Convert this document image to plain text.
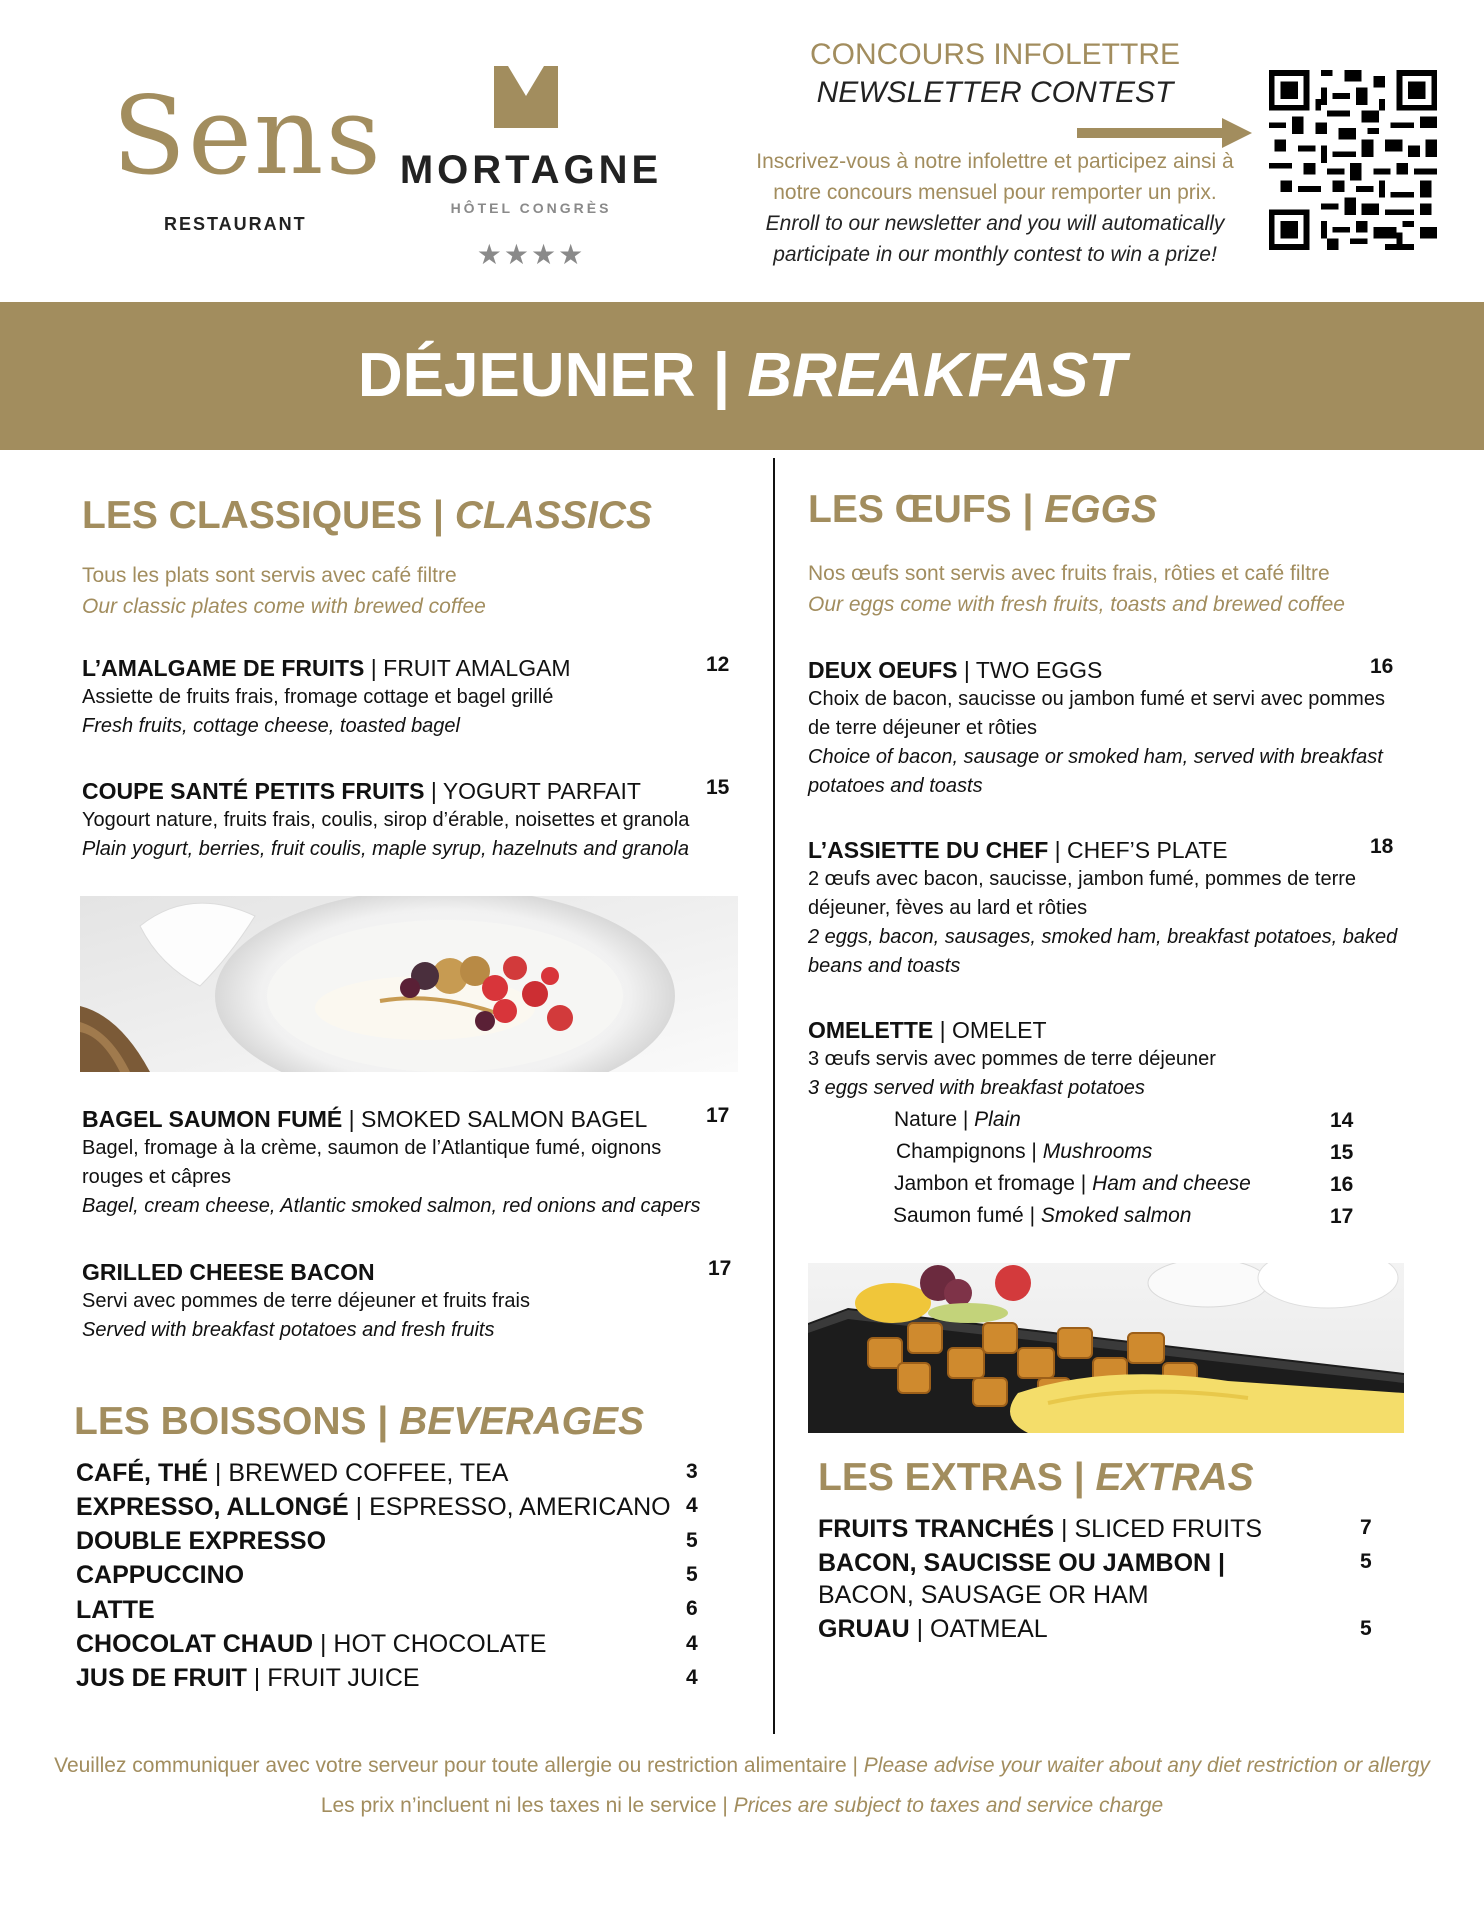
Sens
RESTAURANT
MORTAGNE
HÔTEL CONGRÈS
★★★★
CONCOURS INFOLETTRE
NEWSLETTER CONTEST
Inscrivez-vous à notre infolettre et participez ainsi à notre concours mensuel pour remporter un prix.
Enroll to our newsletter and you will automatically participate in our monthly contest to win a prize!
DÉJEUNER | BREAKFAST
LES CLASSIQUES | CLASSICS
Tous les plats sont servis avec café filtre
Our classic plates come with brewed coffee
L’AMALGAME DE FRUITS | FRUIT AMALGAM	12
Assiette de fruits frais, fromage cottage et bagel grillé
Fresh fruits, cottage cheese, toasted bagel
COUPE SANTÉ PETITS FRUITS | YOGURT PARFAIT	15
Yogourt nature, fruits frais, coulis, sirop d’érable, noisettes et granola
Plain yogurt, berries, fruit coulis, maple syrup, hazelnuts and granola
BAGEL SAUMON FUMÉ | SMOKED SALMON BAGEL	17
Bagel, fromage à la crème, saumon de l’Atlantique fumé, oignons rouges et câpres
Bagel, cream cheese, Atlantic smoked salmon, red onions and capers
GRILLED CHEESE BACON	17
Servi avec pommes de terre déjeuner et fruits frais
Served with breakfast potatoes and fresh fruits
LES BOISSONS | BEVERAGES
CAFÉ, THÉ | BREWED COFFEE, TEA	3
EXPRESSO, ALLONGÉ | ESPRESSO, AMERICANO 4
DOUBLE EXPRESSO	5
CAPPUCCINO	5
LATTE	6
CHOCOLAT CHAUD | HOT CHOCOLATE	4
JUS DE FRUIT | FRUIT JUICE	4
LES ŒUFS | EGGS
Nos œufs sont servis avec fruits frais, rôties et café filtre
Our eggs come with fresh fruits, toasts and brewed coffee
DEUX OEUFS | TWO EGGS	16
Choix de bacon, saucisse ou jambon fumé et servi avec pommes de terre déjeuner et rôties
Choice of bacon, sausage or smoked ham, served with breakfast potatoes and toasts
L’ASSIETTE DU CHEF | CHEF’S PLATE	18
2 œufs avec bacon, saucisse, jambon fumé, pommes de terre déjeuner, fèves au lard et rôties
2 eggs, bacon, sausages, smoked ham, breakfast potatoes, baked beans and toasts
OMELETTE | OMELET
3 œufs servis avec pommes de terre déjeuner
3 eggs served with breakfast potatoes
Nature | Plain	14
Champignons | Mushrooms	15
Jambon et fromage | Ham and cheese	16
Saumon fumé | Smoked salmon	17
LES EXTRAS | EXTRAS
FRUITS TRANCHÉS | SLICED FRUITS	7
BACON, SAUCISSE OU JAMBON |
BACON, SAUSAGE OR HAM
5
GRUAU | OATMEAL	5
Veuillez communiquer avec votre serveur pour toute allergie ou restriction alimentaire | Please advise your waiter about any diet restriction or allergy
Les prix n’incluent ni les taxes ni le service | Prices are subject to taxes and service charge
